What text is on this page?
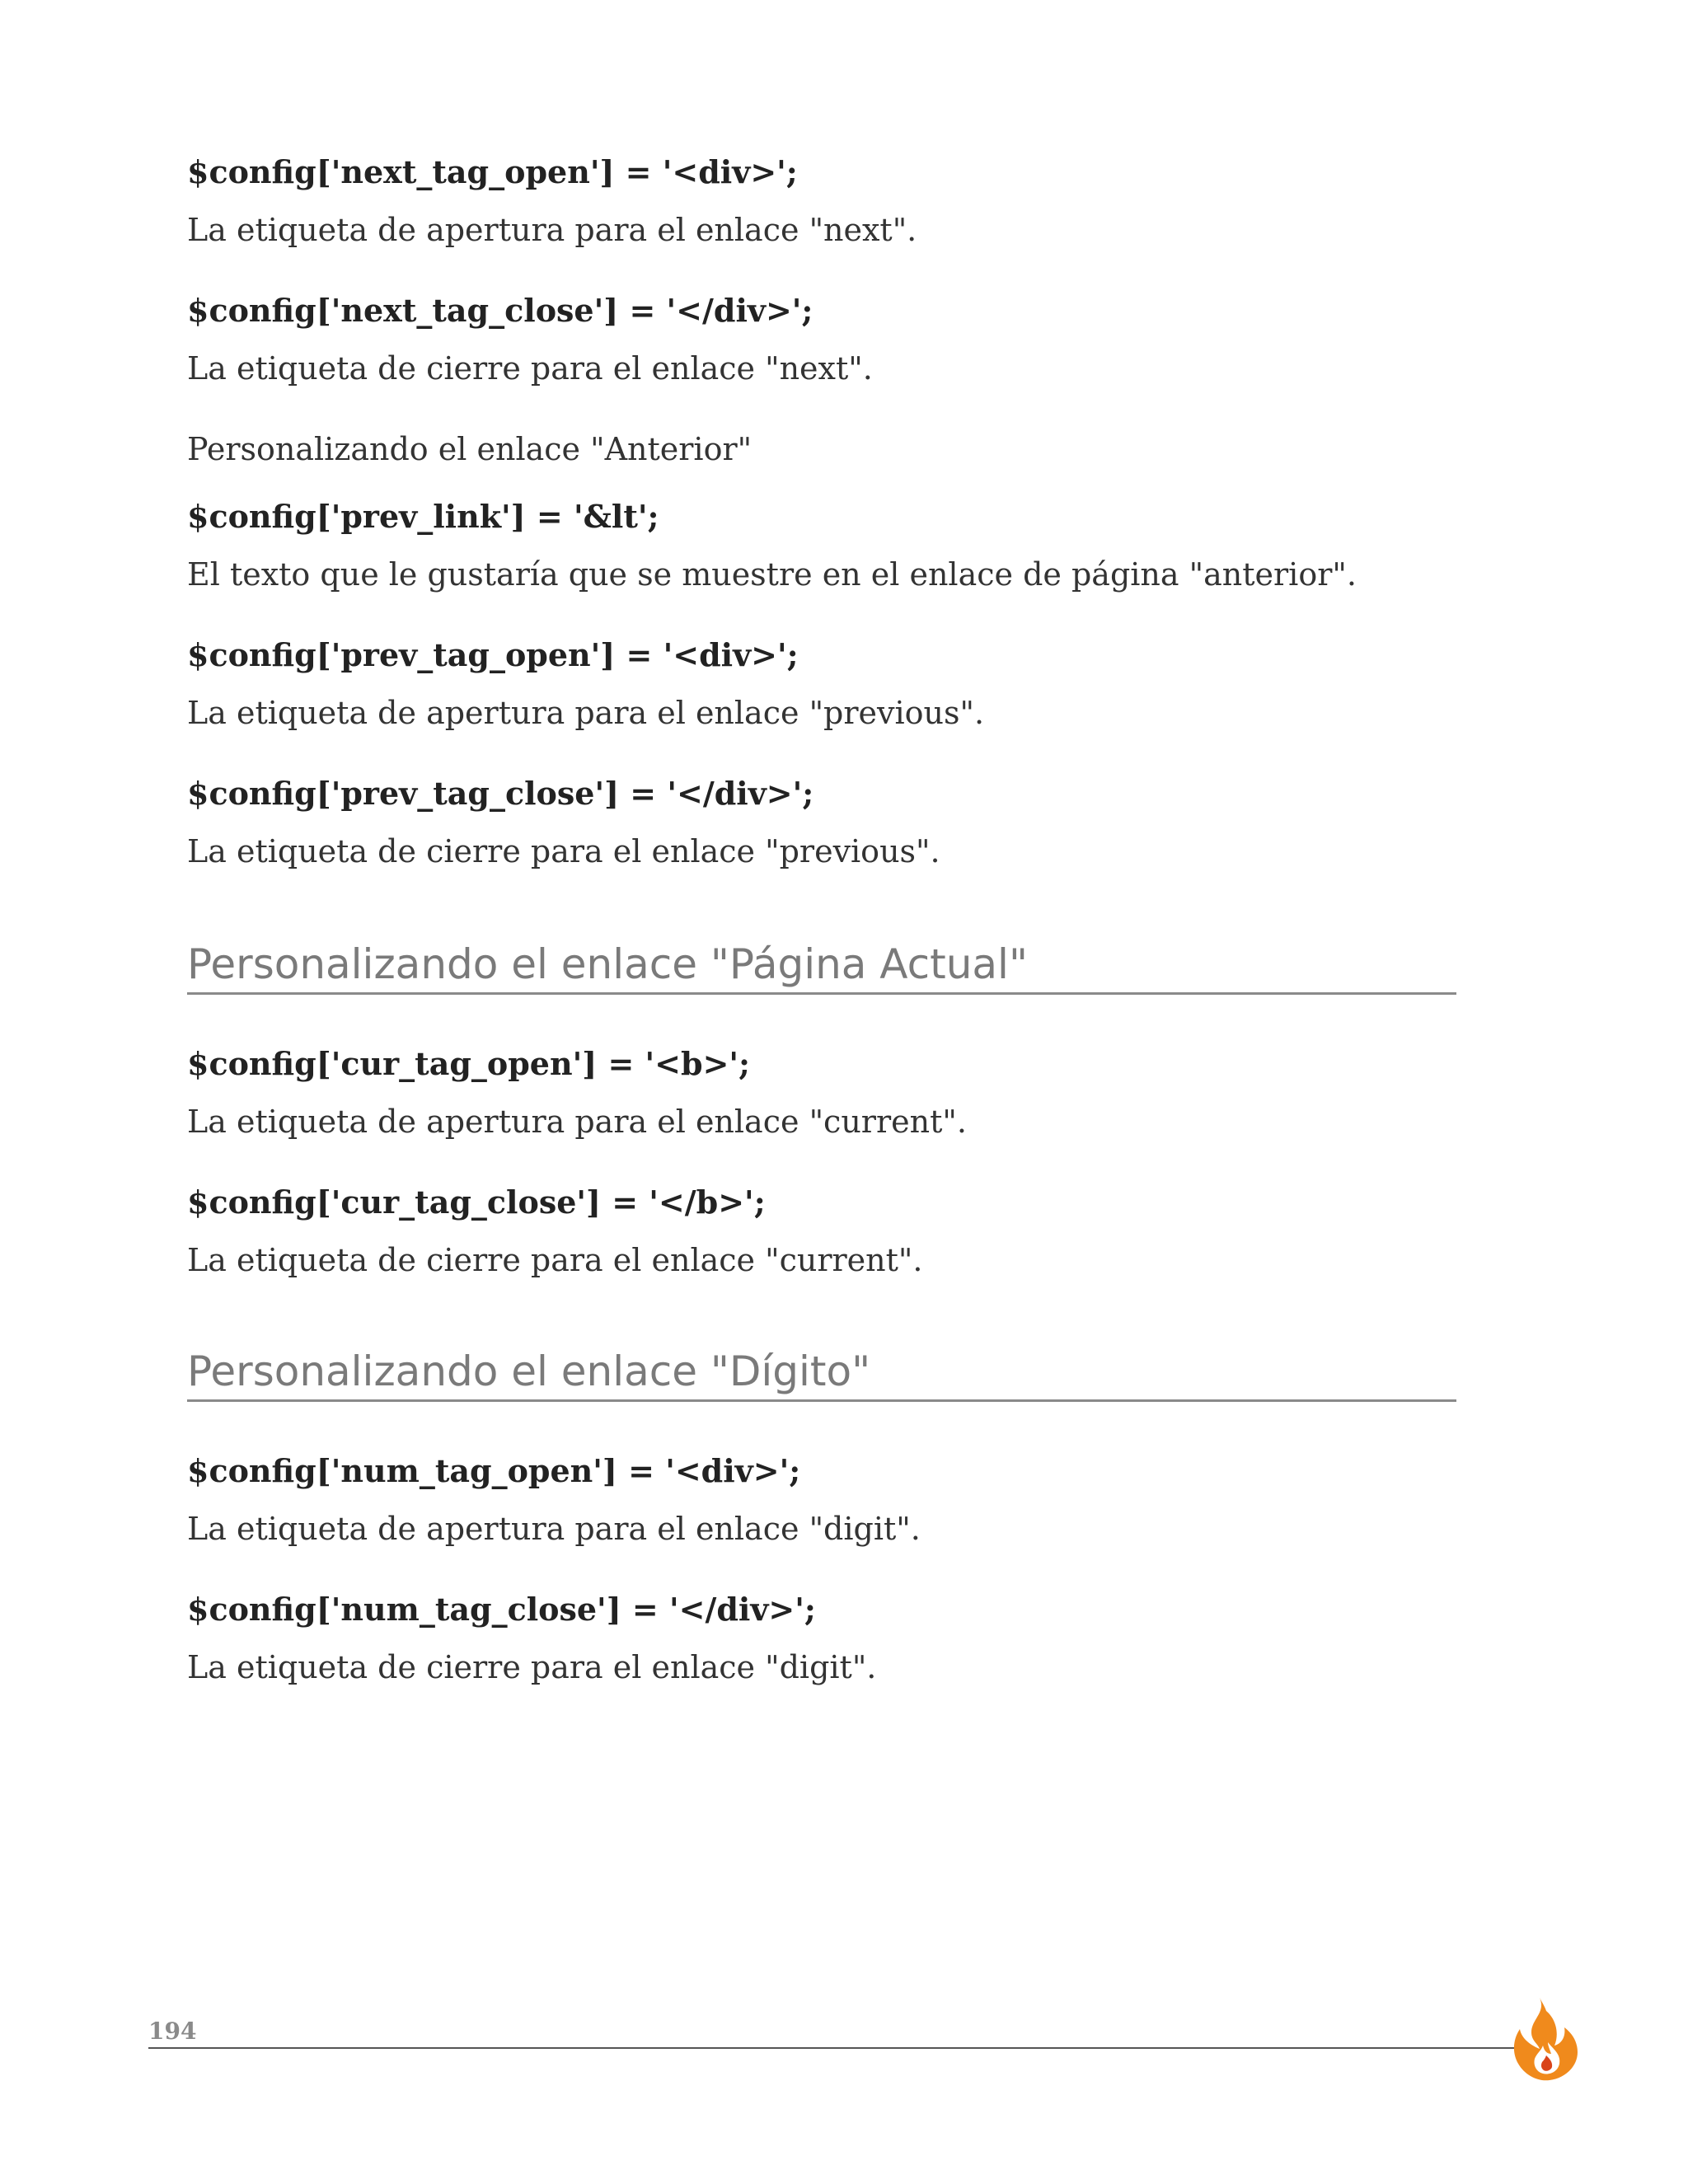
$config['next_tag_open'] = '<div>';
La etiqueta de apertura para el enlace "next".
$config['next_tag_close'] = '</div>';
La etiqueta de cierre para el enlace "next".
Personalizando el enlace "Anterior"
$config['prev_link'] = '&lt';
El texto que le gustaría que se muestre en el enlace de página "anterior".
$config['prev_tag_open'] = '<div>';
La etiqueta de apertura para el enlace "previous".
$config['prev_tag_close'] = '</div>';
La etiqueta de cierre para el enlace "previous".
Personalizando el enlace "Página Actual"
$config['cur_tag_open'] = '<b>';
La etiqueta de apertura para el enlace "current".
$config['cur_tag_close'] = '</b>';
La etiqueta de cierre para el enlace "current".
Personalizando el enlace "Dígito"
$config['num_tag_open'] = '<div>';
La etiqueta de apertura para el enlace "digit".
$config['num_tag_close'] = '</div>';
La etiqueta de cierre para el enlace "digit".
194
